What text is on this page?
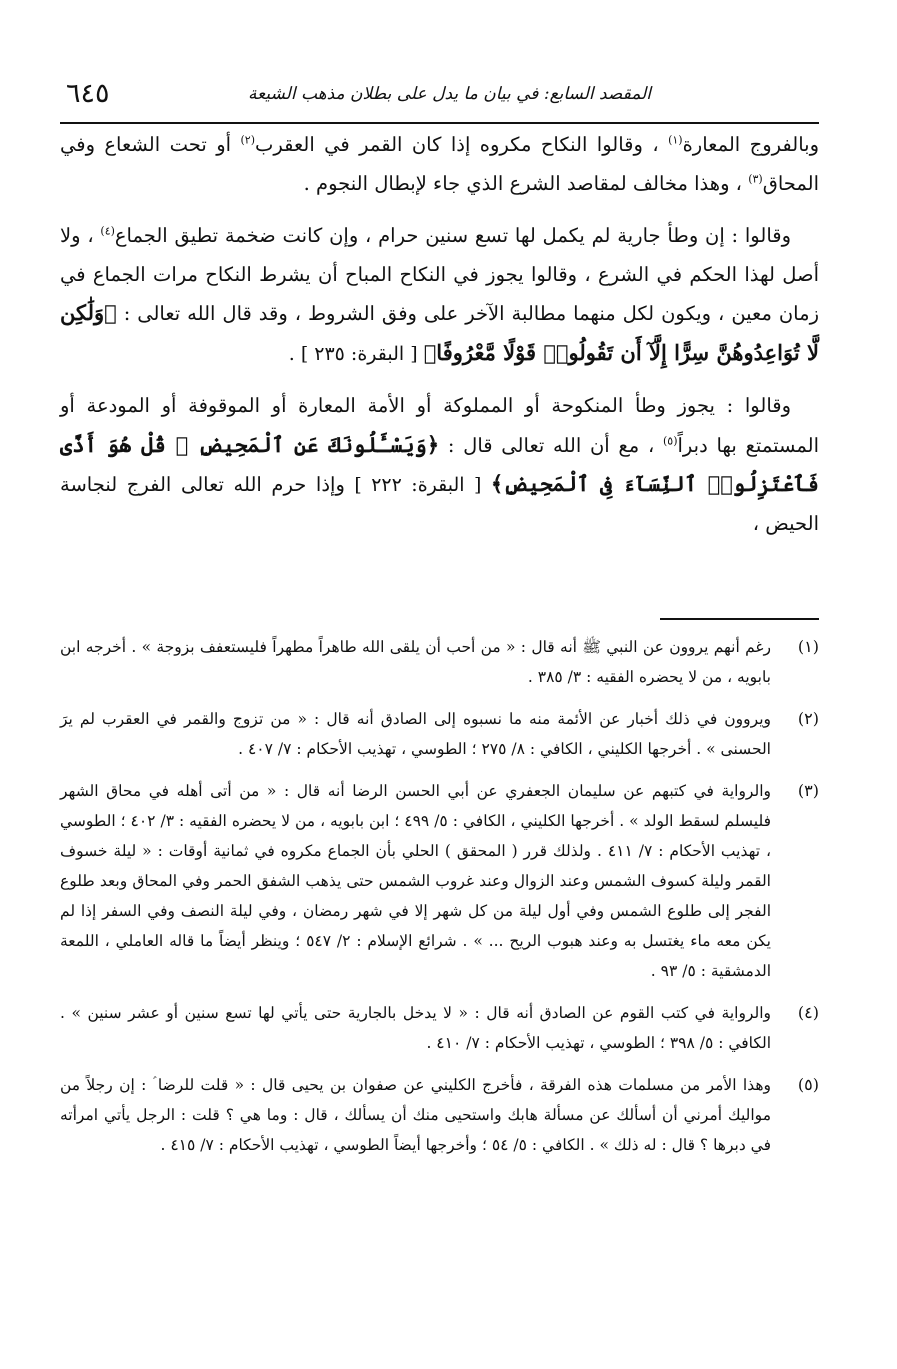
المقصد السابع: في بيان ما يدل على بطلان مذهب الشيعة
٦٤٥

وبالفروج المعارة$^{(١)}$ ، وقالوا النكاح مكروه إذا كان القمر في العقرب$^{(٢)}$ أو تحت الشعاع وفي المحاق$^{(٣)}$ ، وهذا مخالف لمقاصد الشرع الذي جاء لإبطال النجوم .

وقالوا : إن وطأ جارية لم يكمل لها تسع سنين حرام ، وإن كانت ضخمة تطيق الجماع$^{(٤)}$ ، ولا أصل لهذا الحكم في الشرع ، وقالوا يجوز في النكاح المباح أن يشرط النكاح مرات الجماع في زمان معين ، ويكون لكل منهما مطالبة الآخر على وفق الشروط ، وقد قال الله تعالى : ﴿وَلَٰكِن لَّا تُوَاعِدُوهُنَّ سِرًّا إِلَّآ أَن تَقُولُوا۟ قَوْلًا مَّعْرُوفًا﴾ [ البقرة: ٢٣٥ ] .

وقالوا : يجوز وطأ المنكوحة أو المملوكة أو الأمة المعارة أو الموقوفة أو المودعة أو المستمتع بها دبراً$^{(٥)}$ ، مع أن الله تعالى قال : ﴿وَيَسْـَٔلُونَكَ عَنِ ٱلْمَحِيضِ ۖ قُلْ هُوَ أَذًى فَٱعْتَزِلُوا۟ ٱلنِّسَآءَ فِى ٱلْمَحِيضِ﴾ [ البقرة: ٢٢٢ ] وإذا حرم الله تعالى الفرج لنجاسة الحيض ،

(١)
رغم أنهم يروون عن النبي ﷺ أنه قال : « من أحب أن يلقى الله طاهراً مطهراً فليستعفف بزوجة » . أخرجه ابن بابويه ، من لا يحضره الفقيه : ٣/ ٣٨٥ .
(٢)
ويروون في ذلك أخبار عن الأئمة منه ما نسبوه إلى الصادق أنه قال : « من تزوج والقمر في العقرب لم يرَ الحسنى » . أخرجها الكليني ، الكافي : ٨/ ٢٧٥ ؛ الطوسي ، تهذيب الأحكام : ٧/ ٤٠٧ .
(٣)
والرواية في كتبهم عن سليمان الجعفري عن أبي الحسن الرضا أنه قال : « من أتى أهله في محاق الشهر فليسلم لسقط الولد » . أخرجها الكليني ، الكافي : ٥/ ٤٩٩ ؛ ابن بابويه ، من لا يحضره الفقيه : ٣/ ٤٠٢ ؛ الطوسي ، تهذيب الأحكام : ٧/ ٤١١ . ولذلك قرر ( المحقق ) الحلي بأن الجماع مكروه في ثمانية أوقات : « ليلة خسوف القمر وليلة كسوف الشمس وعند الزوال وعند غروب الشمس حتى يذهب الشفق الحمر وفي المحاق وبعد طلوع الفجر إلى طلوع الشمس وفي أول ليلة من كل شهر إلا في شهر رمضان ، وفي ليلة النصف وفي السفر إذا لم يكن معه ماء يغتسل به وعند هبوب الريح ... » . شرائع الإسلام : ٢/ ٥٤٧ ؛ وينظر أيضاً ما قاله العاملي ، اللمعة الدمشقية : ٥/ ٩٣ .
(٤)
والرواية في كتب القوم عن الصادق أنه قال : « لا يدخل بالجارية حتى يأتي لها تسع سنين أو عشر سنين » . الكافي : ٥/ ٣٩٨ ؛ الطوسي ، تهذيب الأحكام : ٧/ ٤١٠ .
(٥)
وهذا الأمر من مسلمات هذه الفرقة ، فأخرج الكليني عن صفوان بن يحيى قال : « قلت للرضا ؑ : إن رجلاً من مواليك أمرني أن أسألك عن مسألة هابك واستحيى منك أن يسألك ، قال : وما هي ؟ قلت : الرجل يأتي امرأته في دبرها ؟ قال : له ذلك » . الكافي : ٥/ ٥٤ ؛ وأخرجها أيضاً الطوسي ، تهذيب الأحكام : ٧/ ٤١٥ .
